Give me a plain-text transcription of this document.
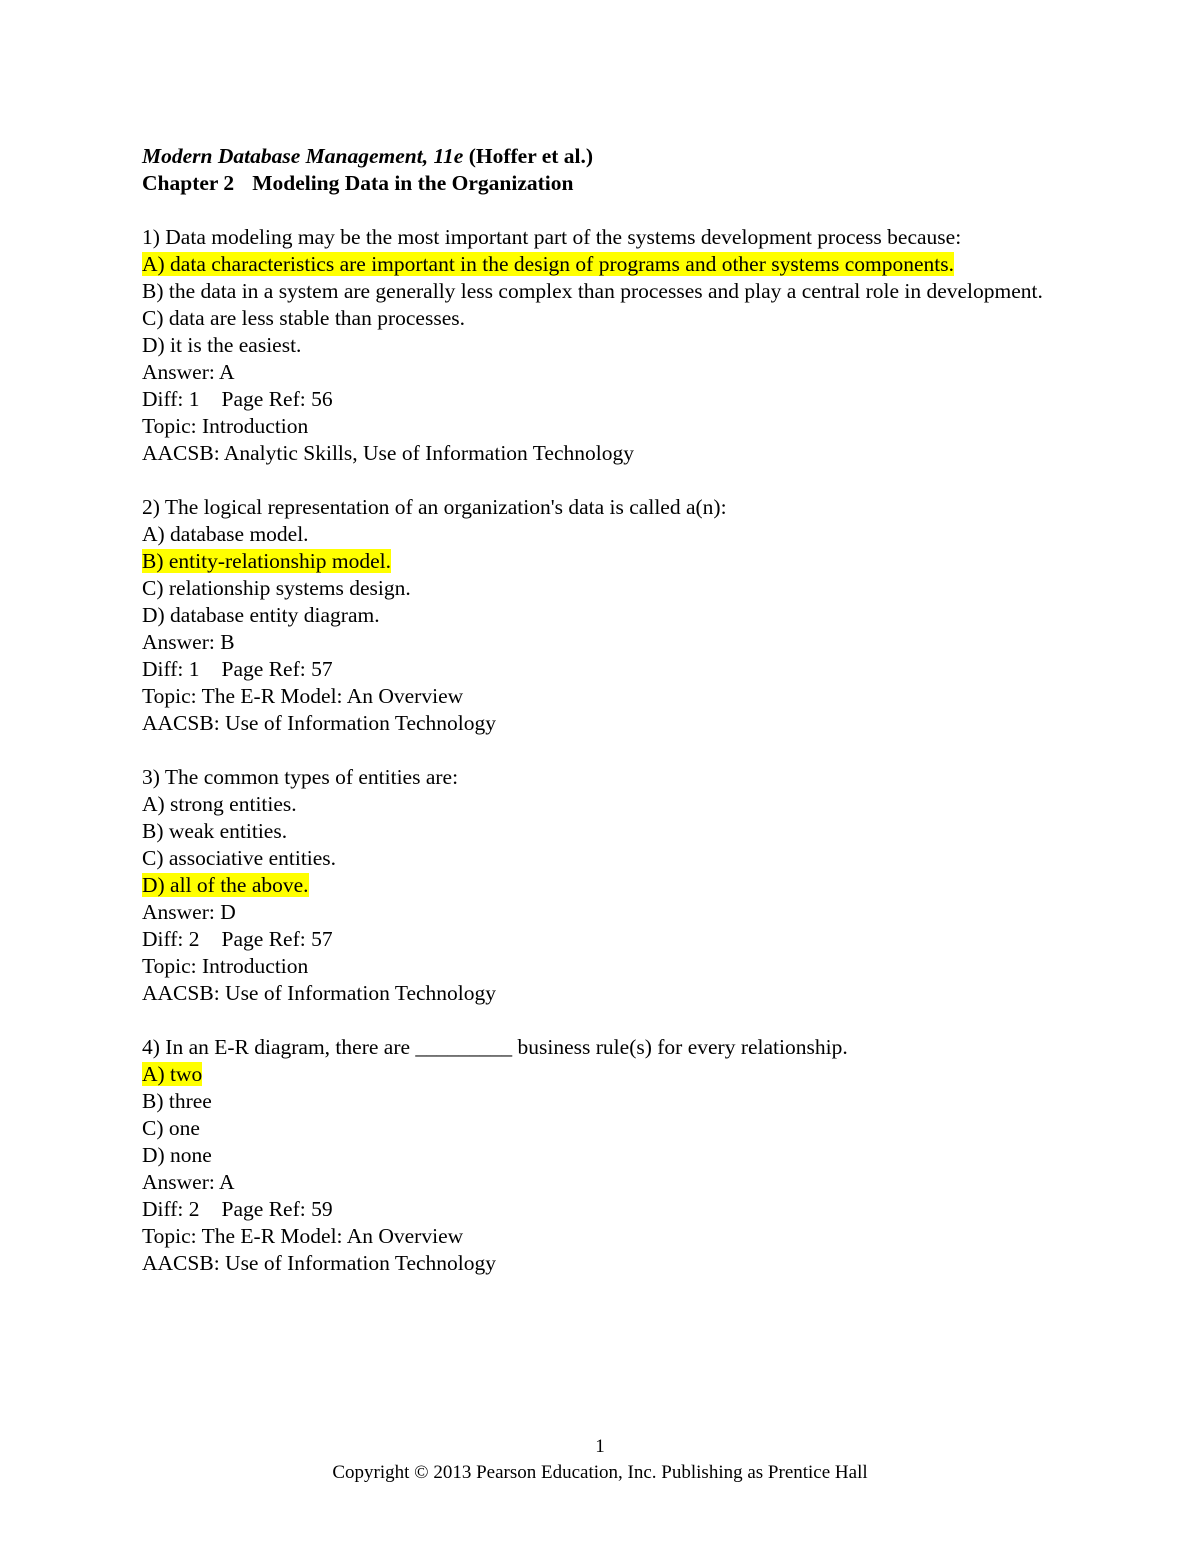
Modern Database Management, 11e (Hoffer et al.)
Chapter 2 Modeling Data in the Organization
1) Data modeling may be the most important part of the systems development process because:
A) data characteristics are important in the design of programs and other systems components.
B) the data in a system are generally less complex than processes and play a central role in development.
C) data are less stable than processes.
D) it is the easiest.
Answer: A
Diff: 1 Page Ref: 56
Topic: Introduction
AACSB: Analytic Skills, Use of Information Technology
2) The logical representation of an organization's data is called a(n):
A) database model.
B) entity-relationship model.
C) relationship systems design.
D) database entity diagram.
Answer: B
Diff: 1 Page Ref: 57
Topic: The E-R Model: An Overview
AACSB: Use of Information Technology
3) The common types of entities are:
A) strong entities.
B) weak entities.
C) associative entities.
D) all of the above.
Answer: D
Diff: 2 Page Ref: 57
Topic: Introduction
AACSB: Use of Information Technology
4) In an E-R diagram, there are _________ business rule(s) for every relationship.
A) two
B) three
C) one
D) none
Answer: A
Diff: 2 Page Ref: 59
Topic: The E-R Model: An Overview
AACSB: Use of Information Technology
1
Copyright © 2013 Pearson Education, Inc. Publishing as Prentice Hall
